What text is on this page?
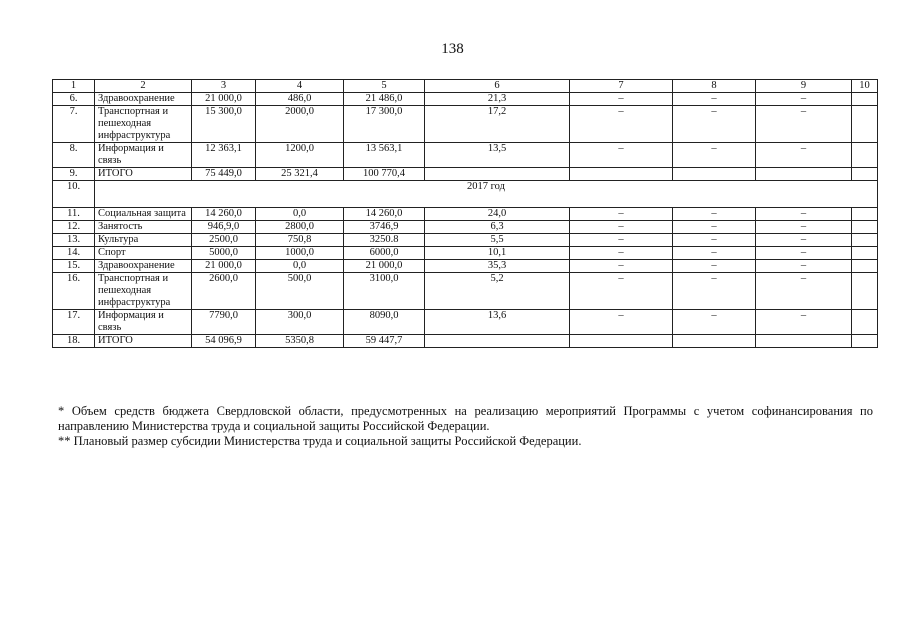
138
1	2	3	4	5	6	7	8	9	10
6.	Здравоохранение	21 000,0	486,0	21 486,0	21,3	–	–	–	
7.	Транспортная и пешеходная инфраструктура	15 300,0	2000,0	17 300,0	17,2	–	–	–	
8.	Информация и связь	12 363,1	1200,0	13 563,1	13,5	–	–	–	
9.	ИТОГО	75 449,0	25 321,4	100 770,4					
10.	2017 год								
11.	Социальная защита	14 260,0	0,0	14 260,0	24,0	–	–	–	
12.	Занятость	946,9,0	2800,0	3746,9	6,3	–	–	–	
13.	Культура	2500,0	750,8	3250.8	5,5	–	–	–	
14.	Спорт	5000,0	1000,0	6000,0	10,1	–	–	–	
15.	Здравоохранение	21 000,0	0,0	21 000,0	35,3	–	–	–	
16.	Транспортная и пешеходная инфраструктура	2600,0	500,0	3100,0	5,2	–	–	–	
17.	Информация и связь	7790,0	300,0	8090,0	13,6	–	–	–	
18.	ИТОГО	54 096,9	5350,8	59 447,7					

* Объем средств бюджета Свердловской области, предусмотренных на реализацию мероприятий Программы с учетом софинансирования по направлению Министерства труда и социальной защиты Российской Федерации.

** Плановый размер субсидии Министерства труда и социальной защиты Российской Федерации.
